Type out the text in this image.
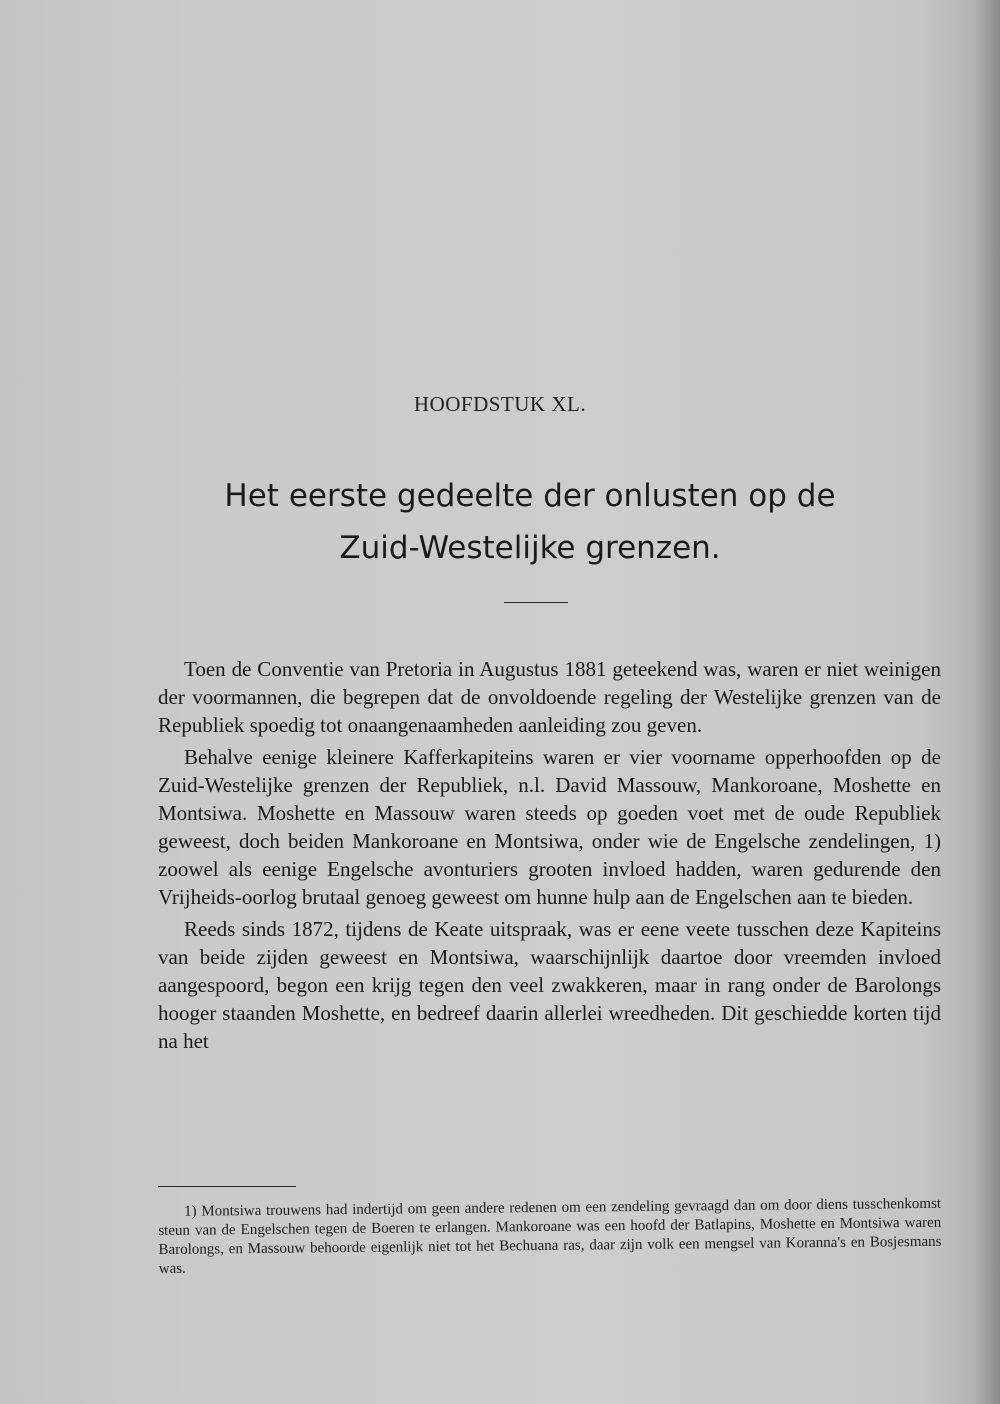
HOOFDSTUK XL.
Het eerste gedeelte der onlusten op de
Zuid-Westelijke grenzen.

Toen de Conventie van Pretoria in Augustus 1881 geteekend was, waren er niet weinigen der voormannen, die begrepen dat de onvoldoende regeling der Westelijke grenzen van de Republiek spoedig tot onaangenaamheden aanleiding zou geven.

Behalve eenige kleinere Kafferkapiteins waren er vier voorname opperhoofden op de Zuid-Westelijke grenzen der Republiek, n.l. David Massouw, Mankoroane, Moshette en Montsiwa. Moshette en Massouw waren steeds op goeden voet met de oude Republiek geweest, doch beiden Mankoroane en Montsiwa, onder wie de Engelsche zendelingen, 1) zoowel als eenige Engelsche avonturiers grooten invloed hadden, waren gedurende den Vrijheids-oorlog brutaal genoeg geweest om hunne hulp aan de Engelschen aan te bieden.

Reeds sinds 1872, tijdens de Keate uitspraak, was er eene veete tusschen deze Kapiteins van beide zijden geweest en Montsiwa, waarschijnlijk daartoe door vreemden invloed aangespoord, begon een krijg tegen den veel zwakkeren, maar in rang onder de Barolongs hooger staanden Moshette, en bedreef daarin allerlei wreedheden. Dit geschiedde korten tijd na het

1) Montsiwa trouwens had indertijd om geen andere redenen om een zendeling gevraagd dan om door diens tusschenkomst steun van de Engelschen tegen de Boeren te erlangen. Mankoroane was een hoofd der Batlapins, Moshette en Montsiwa waren Barolongs, en Massouw behoorde eigenlijk niet tot het Bechuana ras, daar zijn volk een mengsel van Koranna's en Bosjesmans was.
